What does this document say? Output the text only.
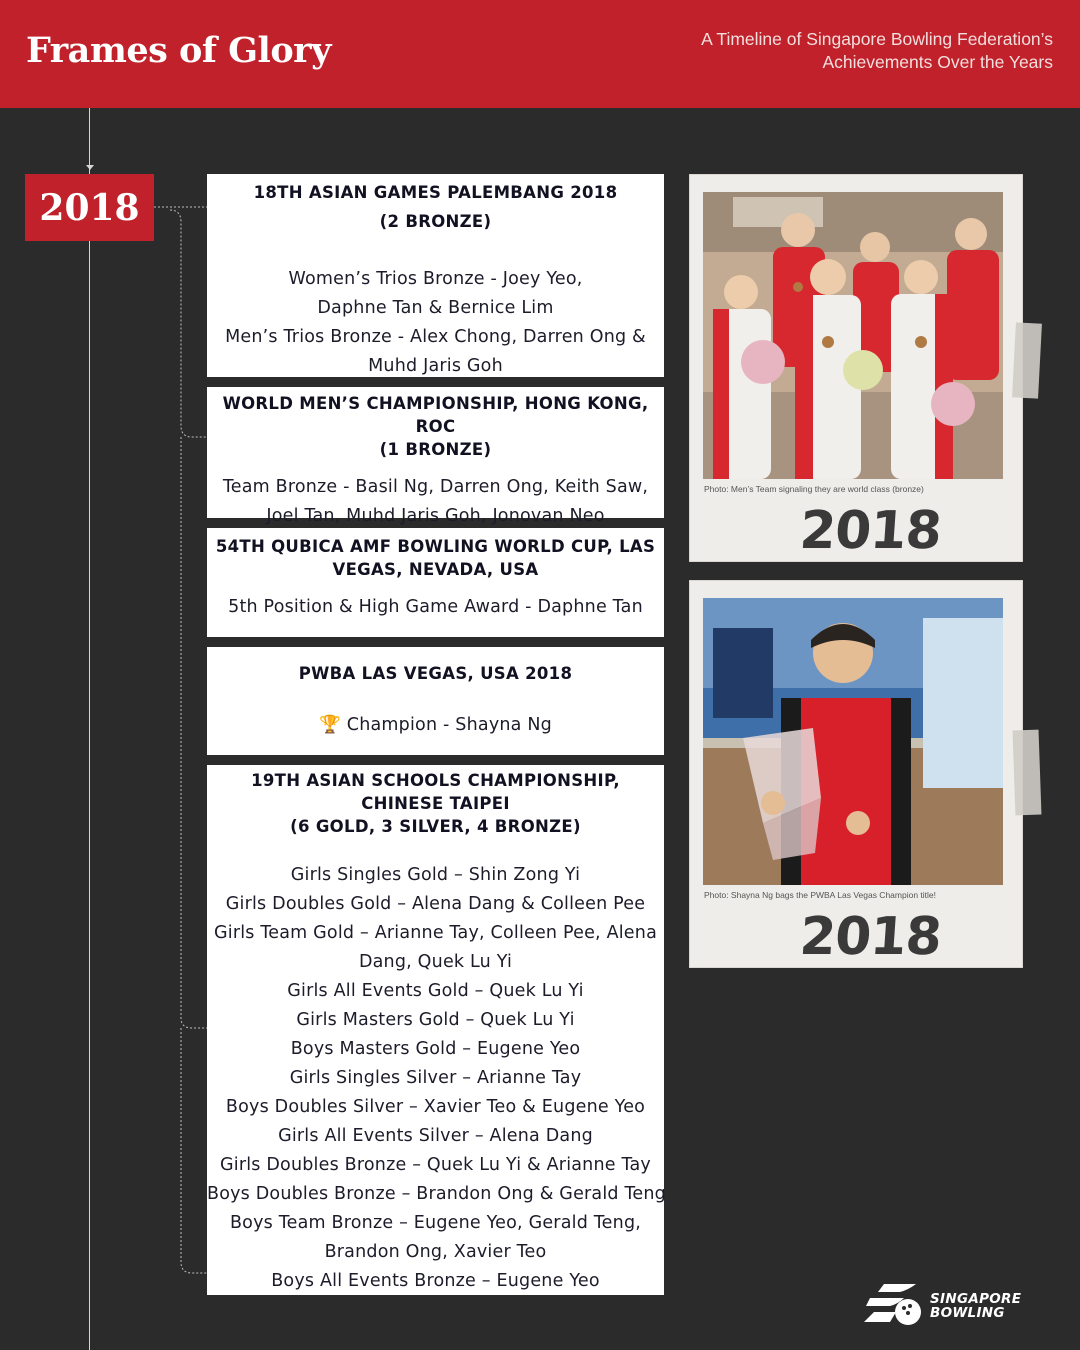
Frames of Glory	A Timeline of Singapore Bowling Federation’s
Achievements Over the Years
2018	18TH ASIAN GAMES PALEMBANG 2018
(2 BRONZE)
Women’s Trios Bronze - Joey Yeo,
Daphne Tan & Bernice Lim
Men’s Trios Bronze - Alex Chong, Darren Ong &
Muhd Jaris Goh
WORLD MEN’S CHAMPIONSHIP, HONG KONG, ROC
(1 BRONZE)
Team Bronze - Basil Ng, Darren Ong, Keith Saw,
Joel Tan, Muhd Jaris Goh, Jonovan Neo
54TH QUBICA AMF BOWLING WORLD CUP, LAS
VEGAS, NEVADA, USA
5th Position & High Game Award - Daphne Tan
PWBA LAS VEGAS, USA 2018
🏆 Champion - Shayna Ng
19TH ASIAN SCHOOLS CHAMPIONSHIP,
CHINESE TAIPEI
(6 GOLD, 3 SILVER, 4 BRONZE)
Girls Singles Gold – Shin Zong Yi
Girls Doubles Gold – Alena Dang & Colleen Pee
Girls Team Gold – Arianne Tay, Colleen Pee, Alena
Dang, Quek Lu Yi
Girls All Events Gold – Quek Lu Yi
Girls Masters Gold – Quek Lu Yi
Boys Masters Gold – Eugene Yeo
Girls Singles Silver – Arianne Tay
Boys Doubles Silver – Xavier Teo & Eugene Yeo
Girls All Events Silver – Alena Dang
Girls Doubles Bronze – Quek Lu Yi & Arianne Tay
Boys Doubles Bronze – Brandon Ong & Gerald Teng
Boys Team Bronze – Eugene Yeo, Gerald Teng,
Brandon Ong, Xavier Teo
Boys All Events Bronze – Eugene Yeo
Photo: Men’s Team signaling they are world class (bronze)
2018
Photo: Shayna Ng bags the PWBA Las Vegas Champion title!
2018
SINGAPORE
BOWLING
